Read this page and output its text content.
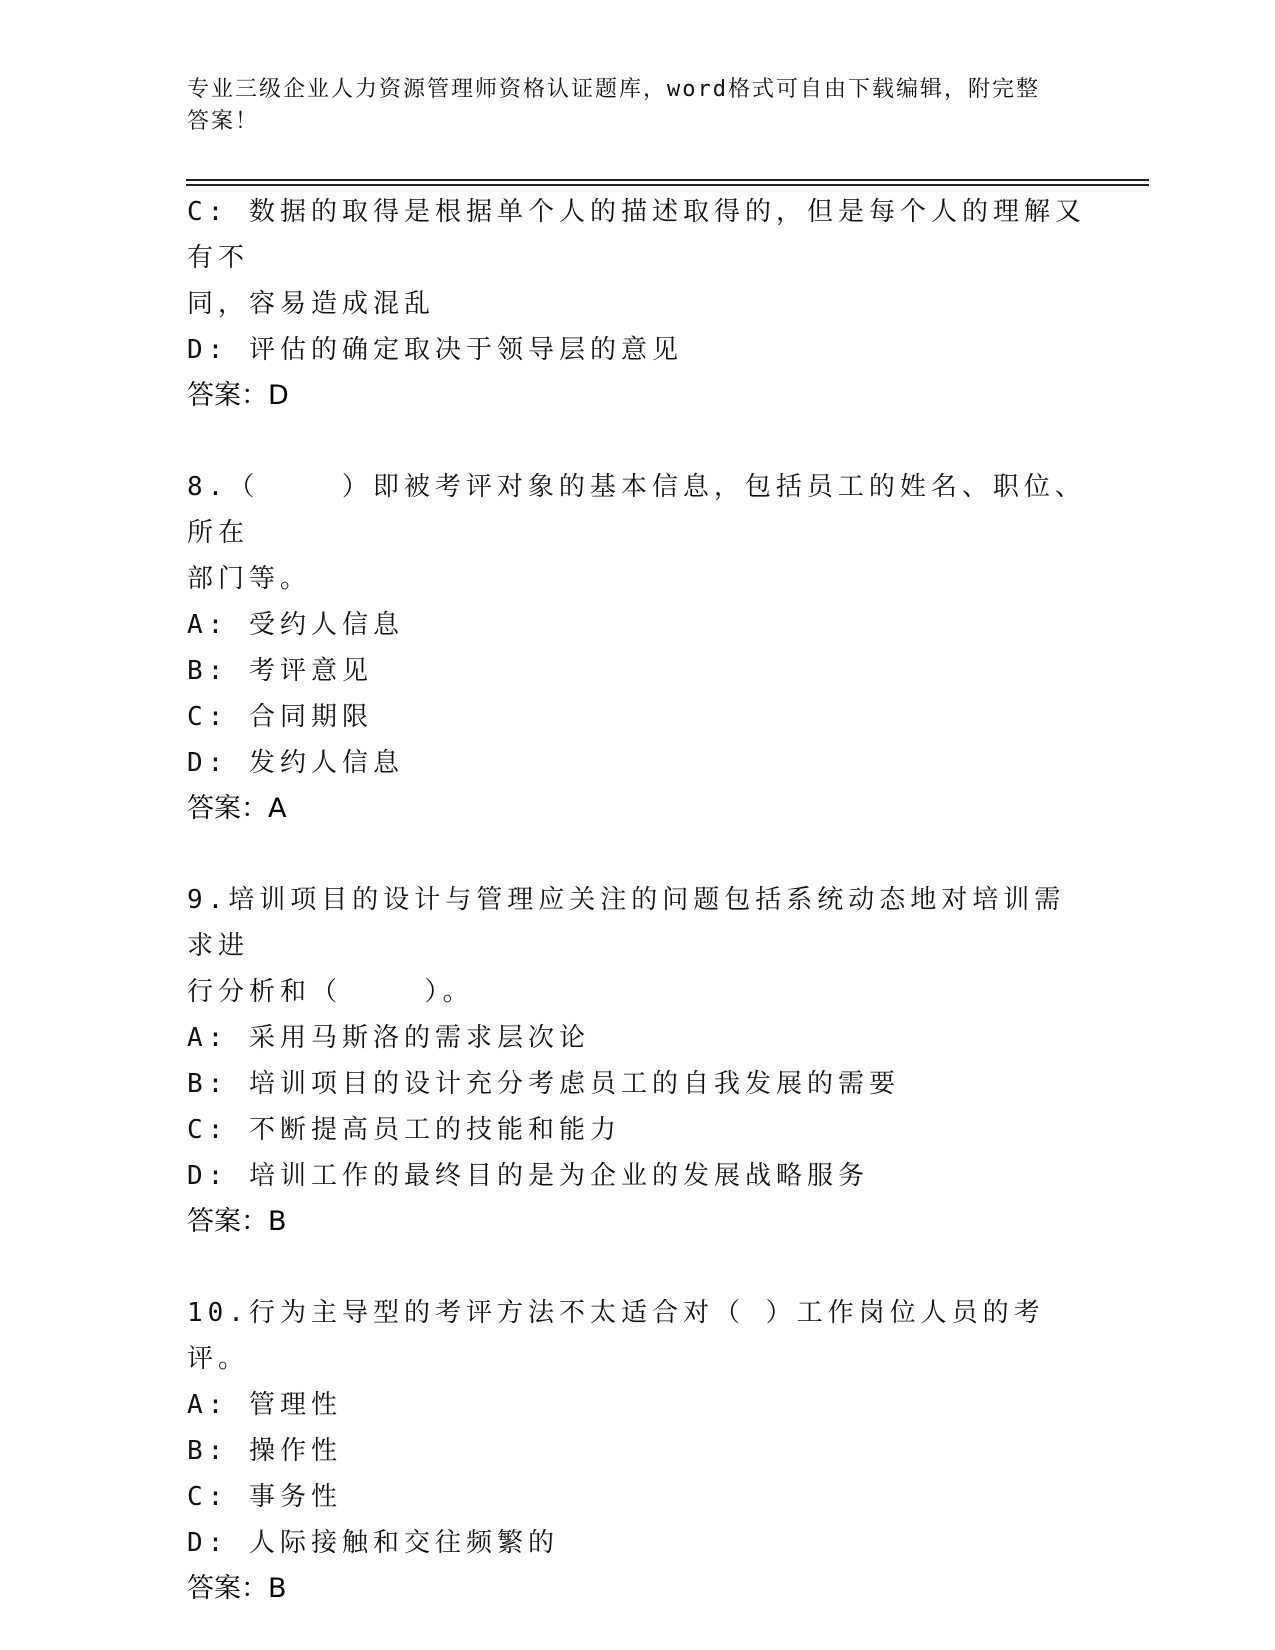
专业三级企业人力资源管理师资格认证题库，word格式可自由下载编辑，附完整
答案！
C: 数据的取得是根据单个人的描述取得的，但是每个人的理解又有不
同，容易造成混乱
D: 评估的确定取决于领导层的意见
答案：D
8.（    ）即被考评对象的基本信息，包括员工的姓名、职位、所在
部门等。
A: 受约人信息
B: 考评意见
C: 合同期限
D: 发约人信息
答案：A
9.培训项目的设计与管理应关注的问题包括系统动态地对培训需求进
行分析和（    ）。
A: 采用马斯洛的需求层次论
B: 培训项目的设计充分考虑员工的自我发展的需要
C: 不断提高员工的技能和能力
D: 培训工作的最终目的是为企业的发展战略服务
答案：B
10.行为主导型的考评方法不太适合对（ ）工作岗位人员的考评。
A: 管理性
B: 操作性
C: 事务性
D: 人际接触和交往频繁的
答案：B
